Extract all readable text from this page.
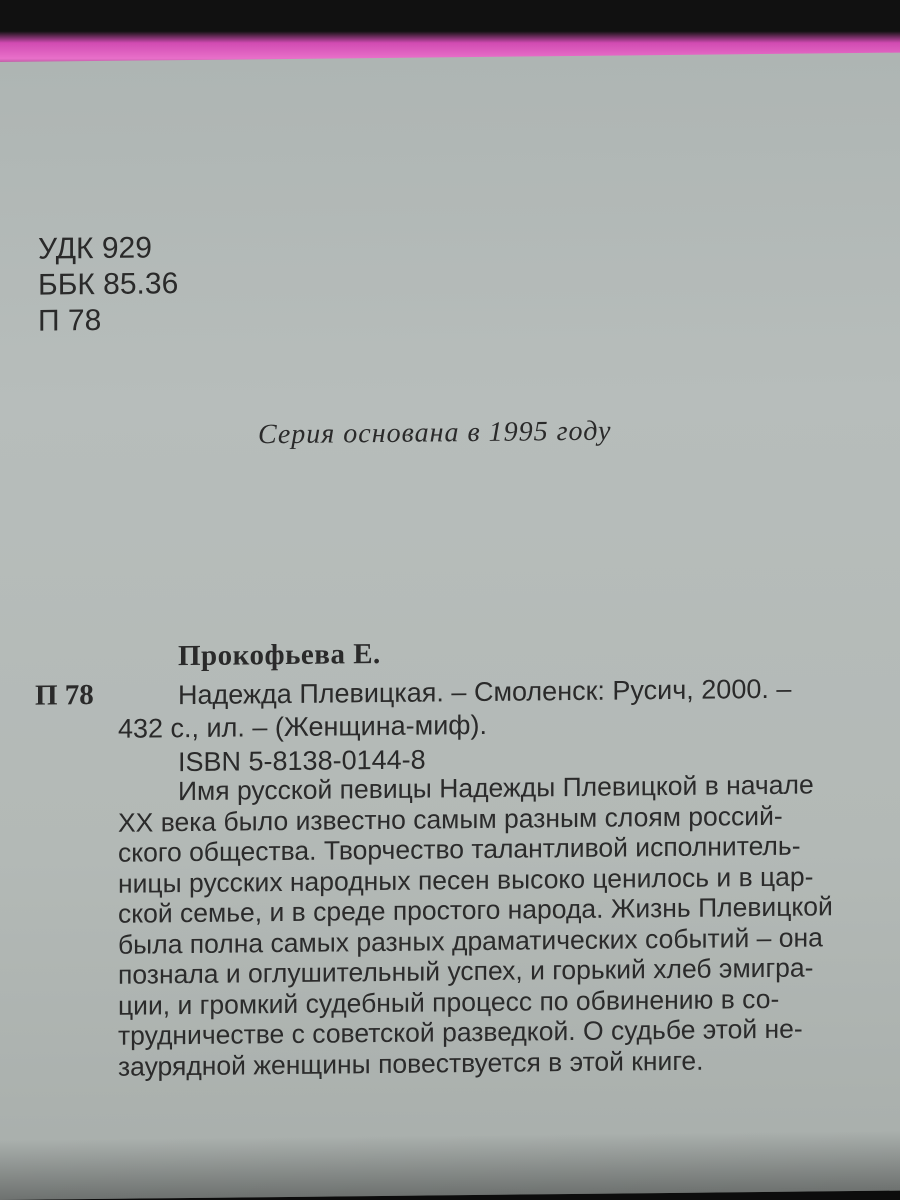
УДК 929
ББК 85.36
П 78
Серия основана в 1995 году
Прокофьева Е.
П 78	Надежда Плевицкая. – Смоленск: Русич, 2000. –
432 с., ил. – (Женщина-миф).
ISBN 5-8138-0144-8
Имя русской певицы Надежды Плевицкой в начале
XX века было известно самым разным слоям россий-
ского общества. Творчество талантливой исполнитель-
ницы русских народных песен высоко ценилось и в цар-
ской семье, и в среде простого народа. Жизнь Плевицкой
была полна самых разных драматических событий – она
познала и оглушительный успех, и горький хлеб эмигра-
ции, и громкий судебный процесс по обвинению в со-
трудничестве с советской разведкой. О судьбе этой не-
заурядной женщины повествуется в этой книге.
